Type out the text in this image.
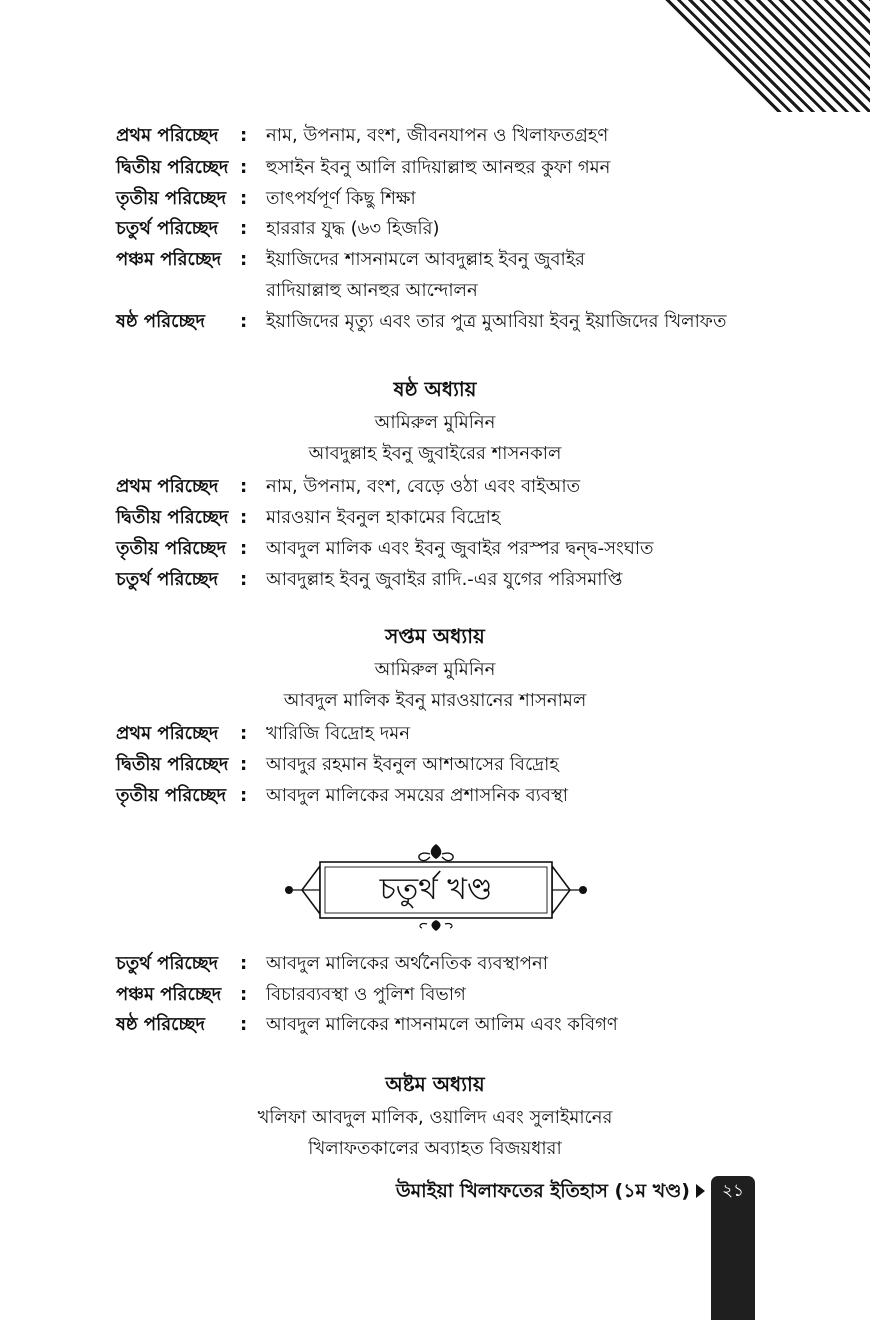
প্রথম পরিচ্ছেদ : নাম, উপনাম, বংশ, জীবনযাপন ও খিলাফতগ্রহণ
দ্বিতীয় পরিচ্ছেদ : হুসাইন ইবনু আলি রাদিয়াল্লাহু আনহুর কুফা গমন
তৃতীয় পরিচ্ছেদ : তাৎপর্যপূর্ণ কিছু শিক্ষা
চতুর্থ পরিচ্ছেদ : হাররার যুদ্ধ (৬৩ হিজরি)
পঞ্চম পরিচ্ছেদ : ইয়াজিদের শাসনামলে আবদুল্লাহ ইবনু জুবাইর
রাদিয়াল্লাহু আনহুর আন্দোলন
ষষ্ঠ পরিচ্ছেদ : ইয়াজিদের মৃত্যু এবং তার পুত্র মুআবিয়া ইবনু ইয়াজিদের খিলাফত
ষষ্ঠ অধ্যায়
আমিরুল মুমিনিন
আবদুল্লাহ ইবনু জুবাইরের শাসনকাল
প্রথম পরিচ্ছেদ : নাম, উপনাম, বংশ, বেড়ে ওঠা এবং বাইআত
দ্বিতীয় পরিচ্ছেদ : মারওয়ান ইবনুল হাকামের বিদ্রোহ
তৃতীয় পরিচ্ছেদ : আবদুল মালিক এবং ইবনু জুবাইর পরস্পর দ্বন্দ্ব-সংঘাত
চতুর্থ পরিচ্ছেদ : আবদুল্লাহ ইবনু জুবাইর রাদি.-এর যুগের পরিসমাপ্তি
সপ্তম অধ্যায়
আমিরুল মুমিনিন
আবদুল মালিক ইবনু মারওয়ানের শাসনামল
প্রথম পরিচ্ছেদ : খারিজি বিদ্রোহ দমন
দ্বিতীয় পরিচ্ছেদ : আবদুর রহমান ইবনুল আশআসের বিদ্রোহ
তৃতীয় পরিচ্ছেদ : আবদুল মালিকের সময়ের প্রশাসনিক ব্যবস্থা
চতুর্থ খণ্ড
চতুর্থ পরিচ্ছেদ : আবদুল মালিকের অর্থনৈতিক ব্যবস্থাপনা
পঞ্চম পরিচ্ছেদ : বিচারব্যবস্থা ও পুলিশ বিভাগ
ষষ্ঠ পরিচ্ছেদ : আবদুল মালিকের শাসনামলে আলিম এবং কবিগণ
অষ্টম অধ্যায়
খলিফা আবদুল মালিক, ওয়ালিদ এবং সুলাইমানের
খিলাফতকালের অব্যাহত বিজয়ধারা
উমাইয়া খিলাফতের ইতিহাস (১ম খণ্ড)	২১
